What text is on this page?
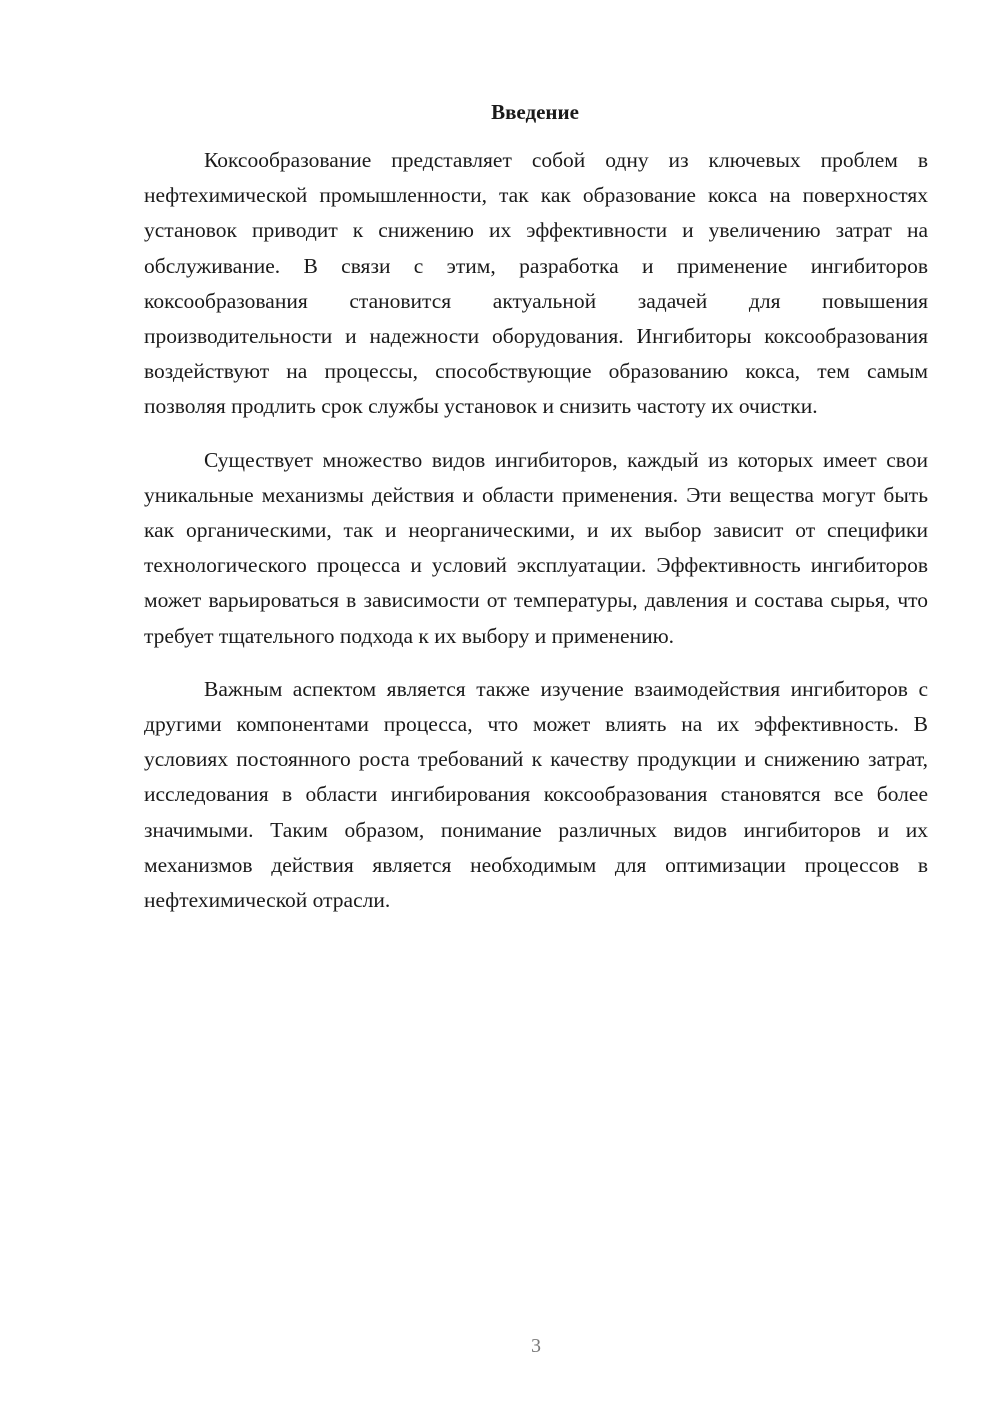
Введение

Коксообразование представляет собой одну из ключевых проблем в нефтехимической промышленности, так как образование кокса на поверхностях установок приводит к снижению их эффективности и увеличению затрат на обслуживание. В связи с этим, разработка и применение ингибиторов коксообразования становится актуальной задачей для повышения производительности и надежности оборудования. Ингибиторы коксообразования воздействуют на процессы, способствующие образованию кокса, тем самым позволяя продлить срок службы установок и снизить частоту их очистки.

Существует множество видов ингибиторов, каждый из которых имеет свои уникальные механизмы действия и области применения. Эти вещества могут быть как органическими, так и неорганическими, и их выбор зависит от специфики технологического процесса и условий эксплуатации. Эффективность ингибиторов может варьироваться в зависимости от температуры, давления и состава сырья, что требует тщательного подхода к их выбору и применению.

Важным аспектом является также изучение взаимодействия ингибиторов с другими компонентами процесса, что может влиять на их эффективность. В условиях постоянного роста требований к качеству продукции и снижению затрат, исследования в области ингибирования коксообразования становятся все более значимыми. Таким образом, понимание различных видов ингибиторов и их механизмов действия является необходимым для оптимизации процессов в нефтехимической отрасли.

3
